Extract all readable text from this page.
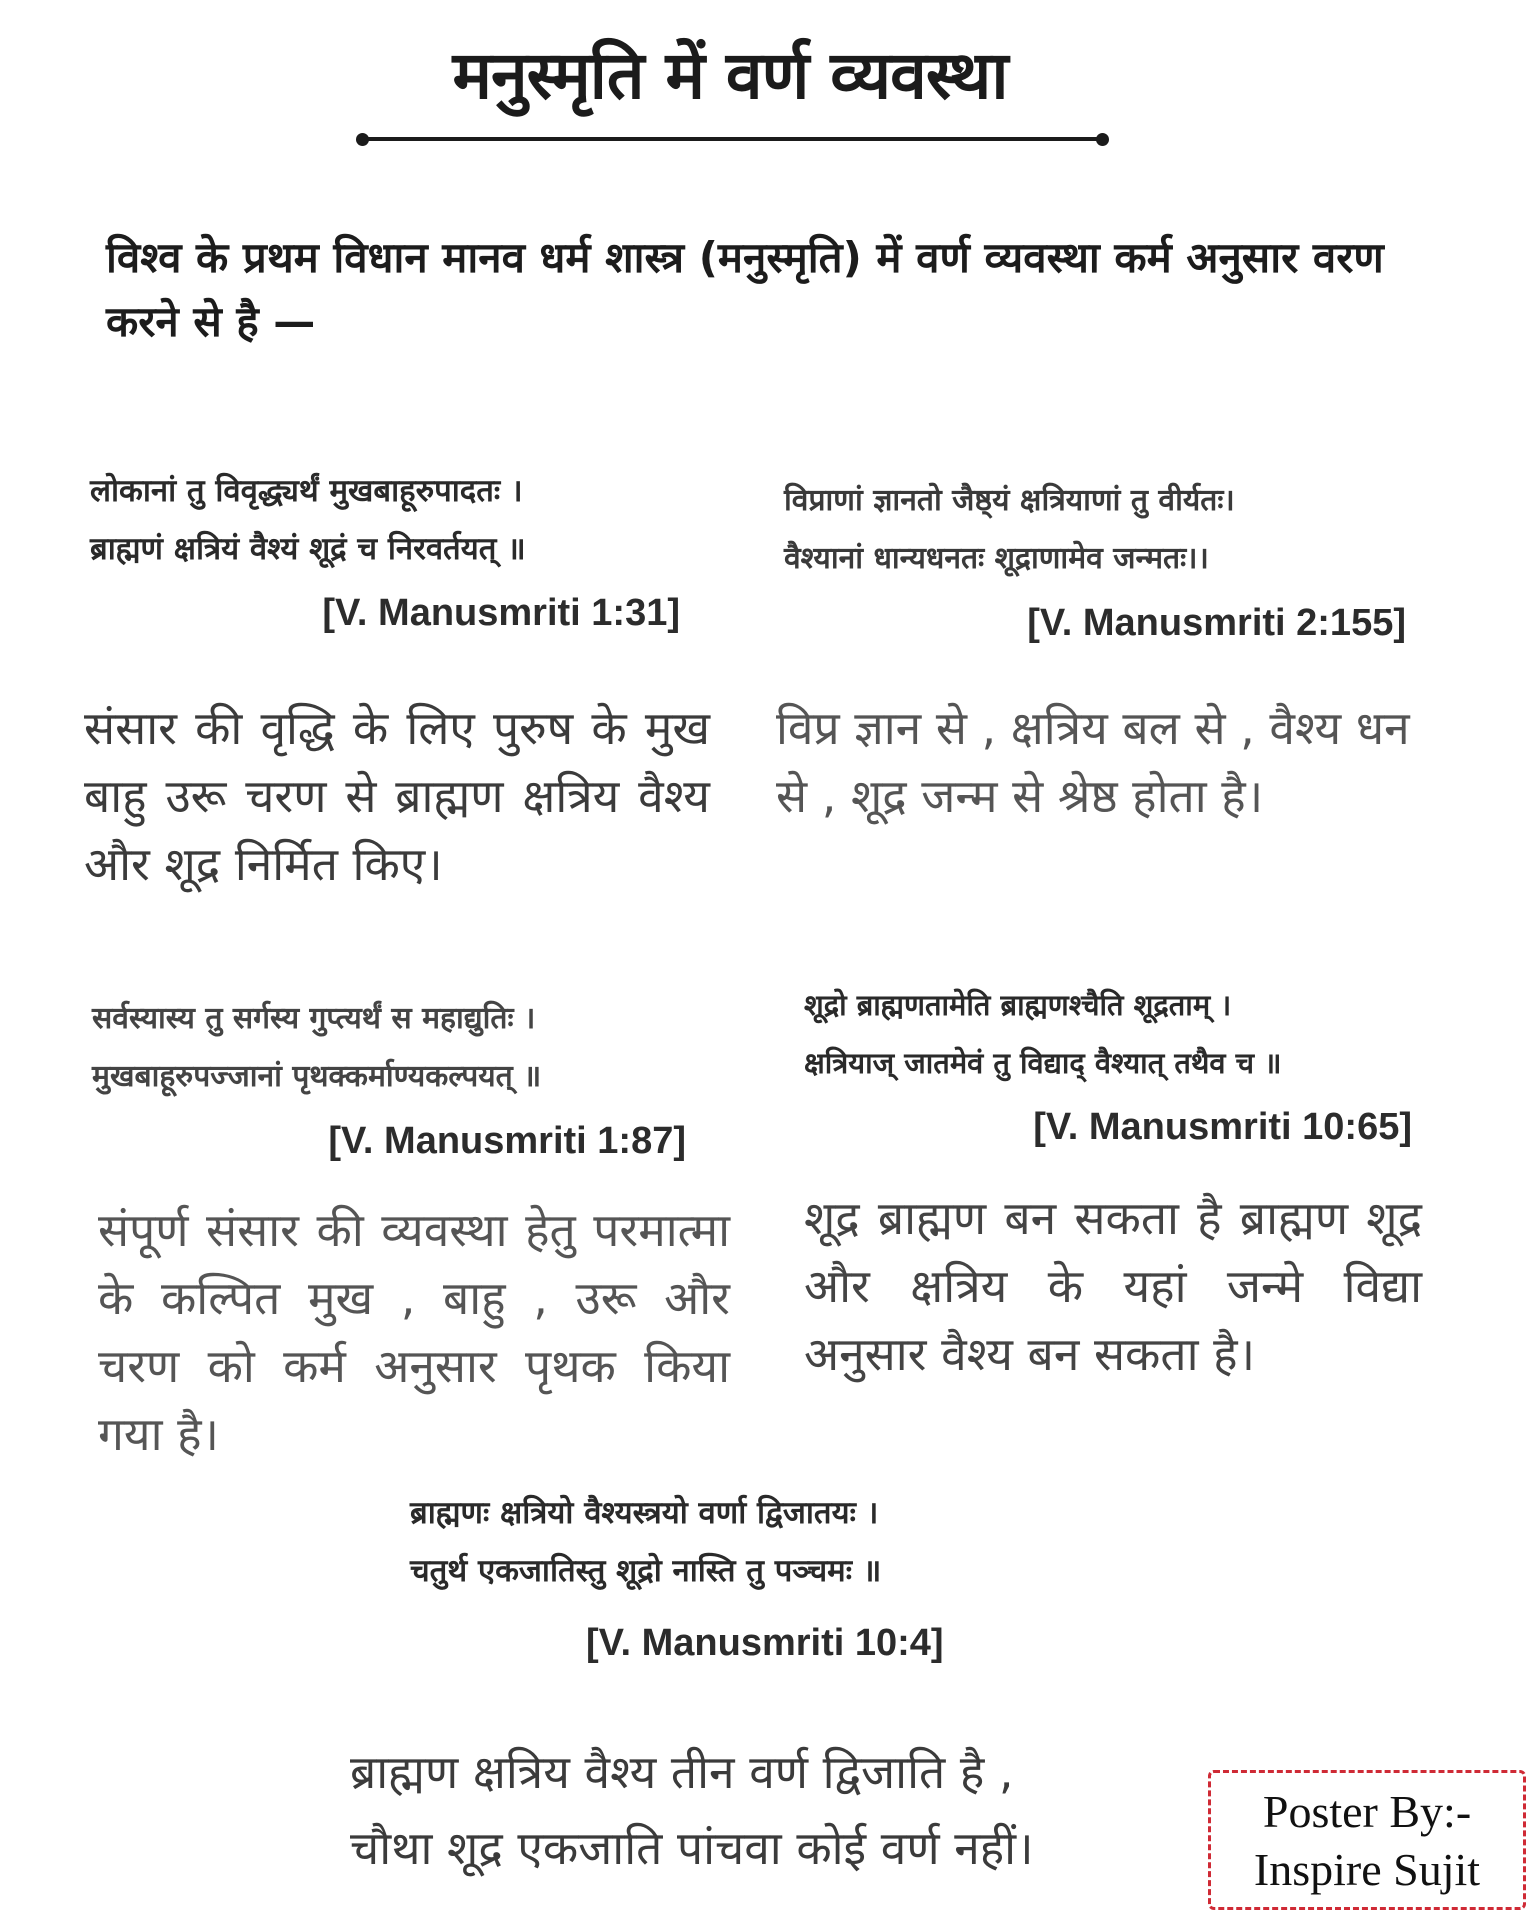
मनुस्मृति में वर्ण व्यवस्था
विश्व के प्रथम विधान मानव धर्म शास्त्र (मनुस्मृति) में वर्ण व्यवस्था कर्म अनुसार वरण करने से है —
लोकानां तु विवृद्ध्यर्थं मुखबाहूरुपादतः ।
ब्राह्मणं क्षत्रियं वैश्यं शूद्रं च निरवर्तयत् ॥
[V. Manusmriti 1:31]
संसार की वृद्धि के लिए पुरुष के मुख बाहु उरू चरण से ब्राह्मण क्षत्रिय वैश्य और शूद्र निर्मित किए।
विप्राणां ज्ञानतो जैष्ठ्यं क्षत्रियाणां तु वीर्यतः।
वैश्यानां धान्यधनतः शूद्राणामेव जन्मतः।।
[V. Manusmriti 2:155]
विप्र ज्ञान से , क्षत्रिय बल से , वैश्य धन से , शूद्र जन्म से श्रेष्ठ होता है।
सर्वस्यास्य तु सर्गस्य गुप्त्यर्थं स महाद्युतिः ।
मुखबाहूरुपज्जानां पृथक्कर्माण्यकल्पयत् ॥
[V. Manusmriti 1:87]
संपूर्ण संसार की व्यवस्था हेतु परमात्मा के कल्पित मुख , बाहु , उरू और चरण को कर्म अनुसार पृथक किया गया है।
शूद्रो ब्राह्मणतामेति ब्राह्मणश्चैति शूद्रताम् ।
क्षत्रियाज् जातमेवं तु विद्याद् वैश्यात् तथैव च ॥
[V. Manusmriti 10:65]
शूद्र ब्राह्मण बन सकता है ब्राह्मण शूद्र और क्षत्रिय के यहां जन्मे विद्या अनुसार वैश्य बन सकता है।
ब्राह्मणः क्षत्रियो वैश्यस्त्रयो वर्णा द्विजातयः ।
चतुर्थ एकजातिस्तु शूद्रो नास्ति तु पञ्चमः ॥
[V. Manusmriti 10:4]
ब्राह्मण क्षत्रिय वैश्य तीन वर्ण द्विजाति है ,
चौथा शूद्र एकजाति पांचवा कोई वर्ण नहीं।
Poster By:-
Inspire Sujit
